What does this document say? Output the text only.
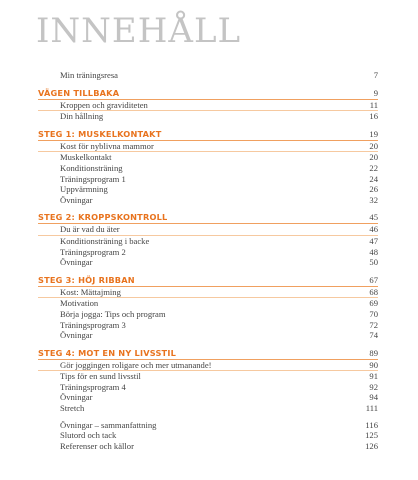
INNEHÅLL
Min träningsresa	7
VÄGEN TILLBAKA	9
Kroppen och graviditeten	11
Din hållning	16
STEG 1: MUSKELKONTAKT	19
Kost för nyblivna mammor	20
Muskelkontakt	20
Konditionsträning	22
Träningsprogram 1	24
Uppvärmning	26
Övningar	32
STEG 2: KROPPSKONTROLL	45
Du är vad du äter	46
Konditionsträning i backe	47
Träningsprogram 2	48
Övningar	50
STEG 3: HÖJ RIBBAN	67
Kost: Mättajming	68
Motivation	69
Börja jogga: Tips och program	70
Träningsprogram 3	72
Övningar	74
STEG 4: MOT EN NY LIVSSTIL	89
Gör joggingen roligare och mer utmanande!	90
Tips för en sund livsstil	91
Träningsprogram 4	92
Övningar	94
Stretch	111
Övningar – sammanfattning	116
Slutord och tack	125
Referenser och källor	126
